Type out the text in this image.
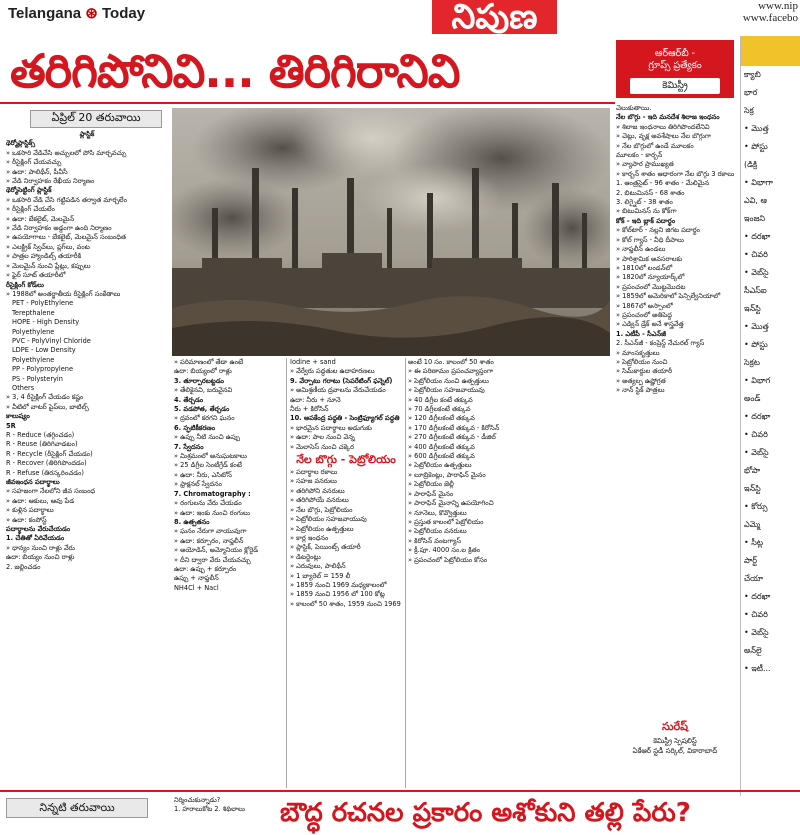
Telangana ⊛ Today	నిపుణ	www.nip
www.facebo
తరిగిపోనివి... తిరిగిరానివి
ఏప్రిల్ 20 తరువాయి

ప్లాస్టిక్

థెర్మోప్లాస్టిక్స్

» ఒకసారి వేడిచేసి అచ్చులలో పోసి మార్చవచ్చు

» రీసైక్లింగ్ చేయవచ్చు

» ఉదా: పాలిథీన్, పీవీసీ

» వేడి నిర్వాహకం రేఖీయ నిర్మాణం

థెర్మోసెట్టింగ్ ప్లాస్టిక్

» ఒకసారి వేడి చేసి గట్టిపడిన తర్వాత మార్చలేం

» రీసైక్లింగ్ చేయలేం

» ఉదా: బేకలైట్, మెలమైన్

» వేడి నిర్వాహకం అడ్డంగా ఉంది నిర్మాణం

» ఉపయోగాలు - బేకలైట్, మెలమైన్ సంబంధిత

» ఎలక్ట్రిక్ స్విచ్‌లు, ప్లగ్‌లు, వంట

» పాత్రల హ్యాండిల్స్ తయారీకి

» మెలమైన్ నుంచి ప్లేట్లు, కప్పులు

» ఫైర్ సూట్ తయారీలో

రీసైక్లింగ్ కోడ్‌లు

» 1988లో అంతర్జాతీయ రీసైక్లింగ్ సంకేతాలు

PET - PolyEthylene

Terepthalene

HOPE - High Density

Polyethylene

PVC - PolyVinyl Chloride

LDPE - Low Density

Polyethylene

PP - Polypropylene

PS - Polysteryin

Others

» 3, 4 రీసైక్లింగ్ చేయడం కష్టం

» వీటిలో వాటర్ పైప్‌లు, బాటిల్స్

కాలుష్యం

5R

R - Reduce (తగ్గించడం)

R - Reuse (తిరిగివాడటం)

R - Recycle (రీసైక్లింగ్ చేయడం)

R - Recover (తిరిగిపొందడం)

R - Refuse (తిరస్కరించడం)

జీవఇంధన పదార్థాలు

» సహజంగా నేలలోని జీవ సంబంధ

» ఉదా: ఆకులు, ఆవు పేడ

» కుళ్లిన పదార్థాలు

» ఉదా: కంపోస్ట్

పదార్థాలను వేరుచేయడం

1. చేతితో ఏరివేయడం

» ధాన్యం నుంచి రాళ్లు వేరు

ఉదా: బియ్యం నుంచి రాళ్లు

2. జల్లించడం

» పరిమాణంలో తేడా ఉంటే

ఉదా: బియ్యంలో రాళ్లు

3. తూర్పారబట్టడం

» తేలికైనవి, బరువైనవి

4. తేర్చడం

5. వడపోత, తేర్చడం

» ద్రవంలో కరగని ఘనం

6. స్ఫటికీకరణం

» ఉప్పు నీటి నుంచి ఉప్పు

7. స్వేదనం

» మిశ్రమంలో అనుఘటకాలు

» 25 డిగ్రీల సెంటీగ్రేడ్ కంటే

» ఉదా: నీరు, ఎసిటోన్

» ఫ్రాక్షనల్ స్వేదనం

7. Chromatography :

» రంగులను వేరు చేయడం

» ఉదా: ఇంకు నుంచి రంగులు

8. ఉత్పతనం

» ఘనం నేరుగా వాయువుగా

» ఉదా: కర్పూరం, నాఫ్తలీన్

» అయోడిన్, అమ్మోనియం క్లోరైడ్

» దీని ద్వారా వేరు చేయవచ్చు

ఉదా: ఉప్పు + కర్పూరం

ఉప్పు + నాఫ్తలీన్

NH4Cl + Nacl

Iodine + sand

» వేర్వేరు పద్ధతుల ఉదాహరణలు

9. వేర్పాటు గరాటు (సెపరేటింగ్ ఫన్నెల్)

» అమిశ్రణీయ ద్రవాలను వేరుచేయడం

ఉదా: నీరు + నూనె

నీరు + కిరోసిన్

10. అపకేంద్ర పద్ధతి - సెంట్రిఫ్యూగల్ పద్ధతి

» భారమైన పదార్థాలు అడుగుకు

» ఉదా: పాల నుంచి వెన్న

» మెలాసెస్ నుంచి చక్కెర

నేల బొగ్గు - పెట్రోలియం

» పదార్థాల రకాలు

» సహజ వనరులు

» తరిగిపోని వనరులు

» తరిగిపోయే వనరులు

» నేల బొగ్గు, పెట్రోలియం

» పెట్రోలియం సహజవాయువు

» పెట్రోలియం ఉత్పత్తులు

» కార్ల ఇంధనం

» ప్లాస్టిక్, పెయింట్స్ తయారీ

» డిటర్జెంట్లు

» ఎరువులు, పాలిథీన్

» 1 బ్యారెల్ = 159 లీ

» 1859 నుంచి 1969 మధ్యకాలంలో

» 1859 నుంచి 1956 లో 100 కోట్ల

» కాలంలో 50 శాతం, 1959 నుంచి 1969

అంటే 10 సం. కాలంలో 50 శాతం

» ఈ పరిణామం ప్రపంచవ్యాప్తంగా

» పెట్రోలియం నుంచి ఉత్పత్తులు

» పెట్రోలియం సహజవాయువు

» 40 డిగ్రీల కంటే తక్కువ

» 70 డిగ్రీలకంటే తక్కువ

» 120 డిగ్రీలకంటే తక్కువ

» 170 డిగ్రీలకంటే తక్కువ - కిరోసిన్

» 270 డిగ్రీలకంటే తక్కువ - డీజిల్

» 400 డిగ్రీలకంటే తక్కువ

» 600 డిగ్రీలకంటే తక్కువ

» పెట్రోలియం ఉత్పత్తులు

» లూబ్రికెంట్లు, పారాఫిన్ మైనం

» పెట్రోలియం జెల్లీ

» పారాఫిన్ మైనం

» పారాఫిన్ మైనాన్ని ఉపయోగించి

» నూనెలు, కొవ్వొత్తులు

» ప్రస్తుత కాలంలో పెట్రోలియం

» పెట్రోలియం వనరులు

» కిరోసిన్ వంటగ్యాస్

» క్రీ.పూ. 4000 సం.ల క్రితం

» ప్రపంచంలో పెట్రోలియం కోసం

ఆర్ఆర్‌బీ -
గ్రూప్స్ ప్రత్యేకం
కెమిస్ట్రీ

చెలుకుతాయి.

నేల బొగ్గు - ఇది మనదేశ శిలాజ ఇంధనం

» శిలాజ ఇంధనాలు తిరిగిపొందలేనివి

» చెట్లు, వృక్ష అవశేషాలు నేల బొగ్గుగా

» నేల బొగ్గులో ఉండే మూలకం

మూలకం - కార్బన్

» వ్యాపార ప్రాముఖ్యత

» కార్బన్ శాతం ఆధారంగా నేల బొగ్గు 3 రకాలు

1. ఆంత్రసైట్ - 96 శాతం - మేలిమైన

2. బిటుమినస్ - 68 శాతం

3. లిగ్నైట్ - 38 శాతం

» బిటుమినస్ ను కోక్‌గా

కోక్ - ఇది బ్లాక్ పదార్థం

» కోల్‌టార్ - నల్లని జిగట పదార్థం

» కోల్ గ్యాస్ - వీధి దీపాలు

» నాఫ్తలీన్ ఉండలు

» పారిశ్రామిక అవసరాలకు

» 1810లో లండన్‌లో

» 1820లో న్యూయార్క్‌లో

» ప్రపంచంలో మొట్టమొదట

» 1859లో అమెరికాలో పెన్సిల్వేనియాలో

» 1867లో అస్సాంలో

» ప్రపంచంలో అతిపెద్ద

» ఎడ్విన్ డ్రేక్ అనే శాస్త్రవేత్త

1. ఎటీపీ - సీఎన్‌జీ

2. సీఎన్‌జీ - కంప్రెస్డ్ నేచురల్ గ్యాస్

» మాంసకృత్తులు

» పెట్రోలియం నుంచి

» సిమ్‌కార్డుల తయారీ

» అత్యల్ప ఉష్ణోగ్రత

» నాన్ స్టిక్ పాత్రలు

సురేష్
కెమిస్ట్రీ స్పెషలిస్ట్
ఏకేఆర్ స్టడీ సర్కిల్, వికారాబాద్

క్యాబి

భార

సెక్ర

• మొత్త

• పోస్టు

(డిక్రి

• విభాగా

ఎవి, ఆ

ఇంజని

• దరఖా

• చివరి

• వెబ్‌సై

సీఎస్‌ఐ

ఇన్‌స్టి

• మొత్త

• పోస్టు

సెక్రట

• విభాగ

అండ్

• దరఖా

• చివరి

• వెబ్‌సై

భోపా

ఇన్‌స్టి

• కోర్సు

ఎమ్మె

• సీట్ల

పార్ట్

చేయా

• దరఖా

• చివరి

• వెబ్‌సై

అన్‌లై

• ఇటీ...

నిన్నటి తరువాయి

నిర్మించుకున్నాడు?

1. హరాలుకోట 2. శిథిలాలు	బౌద్ధ రచనల ప్రకారం అశోకుని తల్లి పేరు?
